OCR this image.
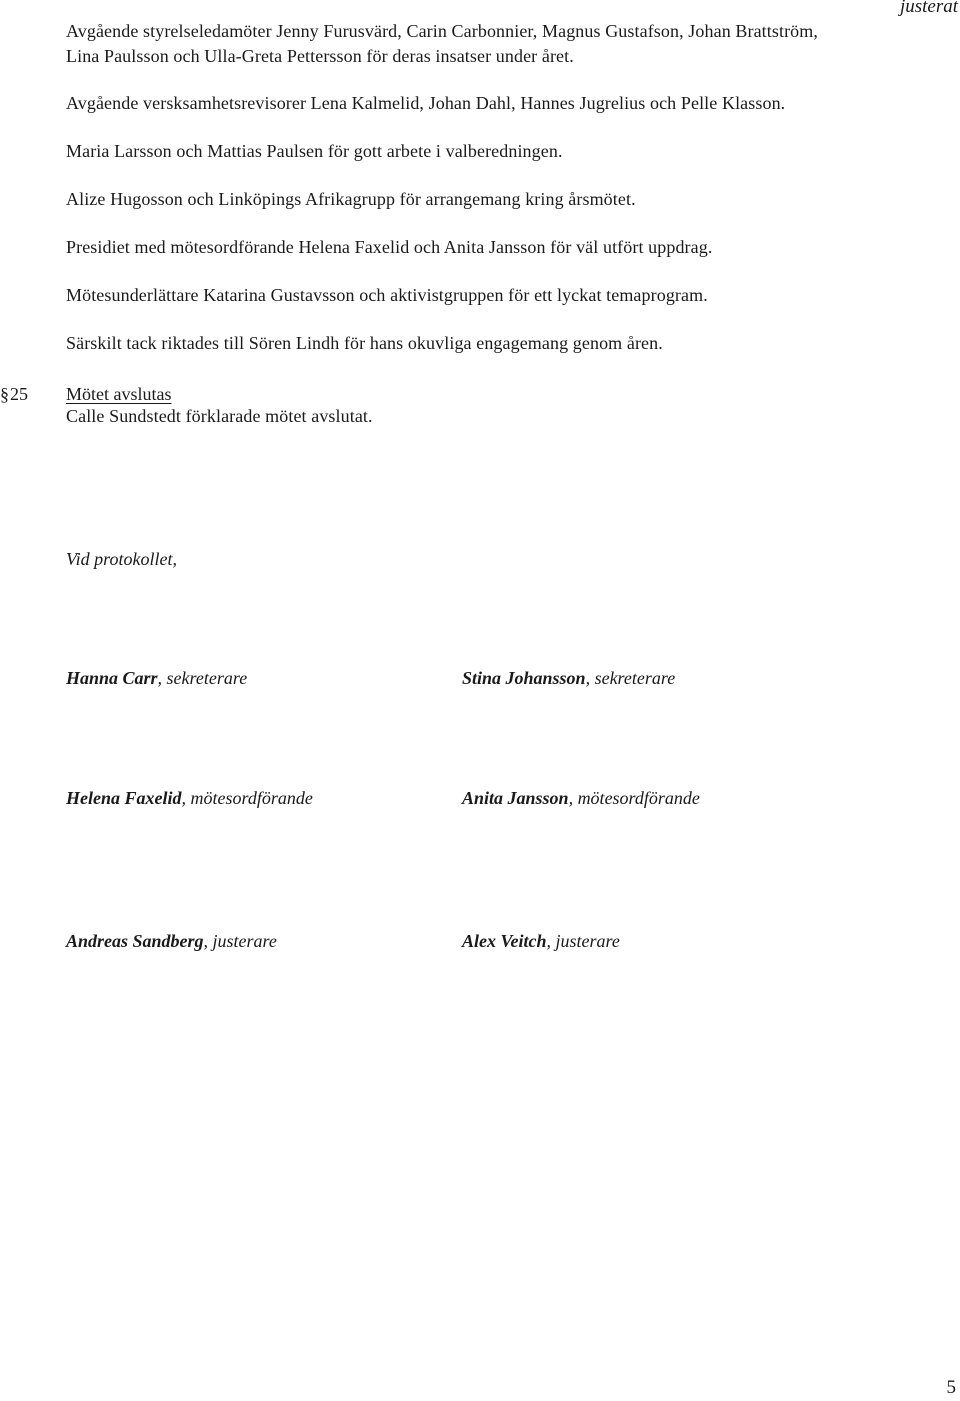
justerat

Avgående styrelseledamöter Jenny Furusvärd, Carin Carbonnier, Magnus Gustafson, Johan Brattström,

Lina Paulsson och Ulla-Greta Pettersson för deras insatser under året.

Avgående versksamhetsrevisorer Lena Kalmelid, Johan Dahl, Hannes Jugrelius och Pelle Klasson.

Maria Larsson och Mattias Paulsen för gott arbete i valberedningen.

Alize Hugosson och Linköpings Afrikagrupp för arrangemang kring årsmötet.

Presidiet med mötesordförande Helena Faxelid och Anita Jansson för väl utfört uppdrag.

Mötesunderlättare Katarina Gustavsson och aktivistgruppen för ett lyckat temaprogram.

Särskilt tack riktades till Sören Lindh för hans okuvliga engagemang genom åren.

§25 Mötet avslutas

Calle Sundstedt förklarade mötet avslutat.

Vid protokollet,
Hanna Carr, sekreterare	Stina Johansson, sekreterare
Helena Faxelid, mötesordförande	Anita Jansson, mötesordförande
Andreas Sandberg, justerare	Alex Veitch, justerare
5
